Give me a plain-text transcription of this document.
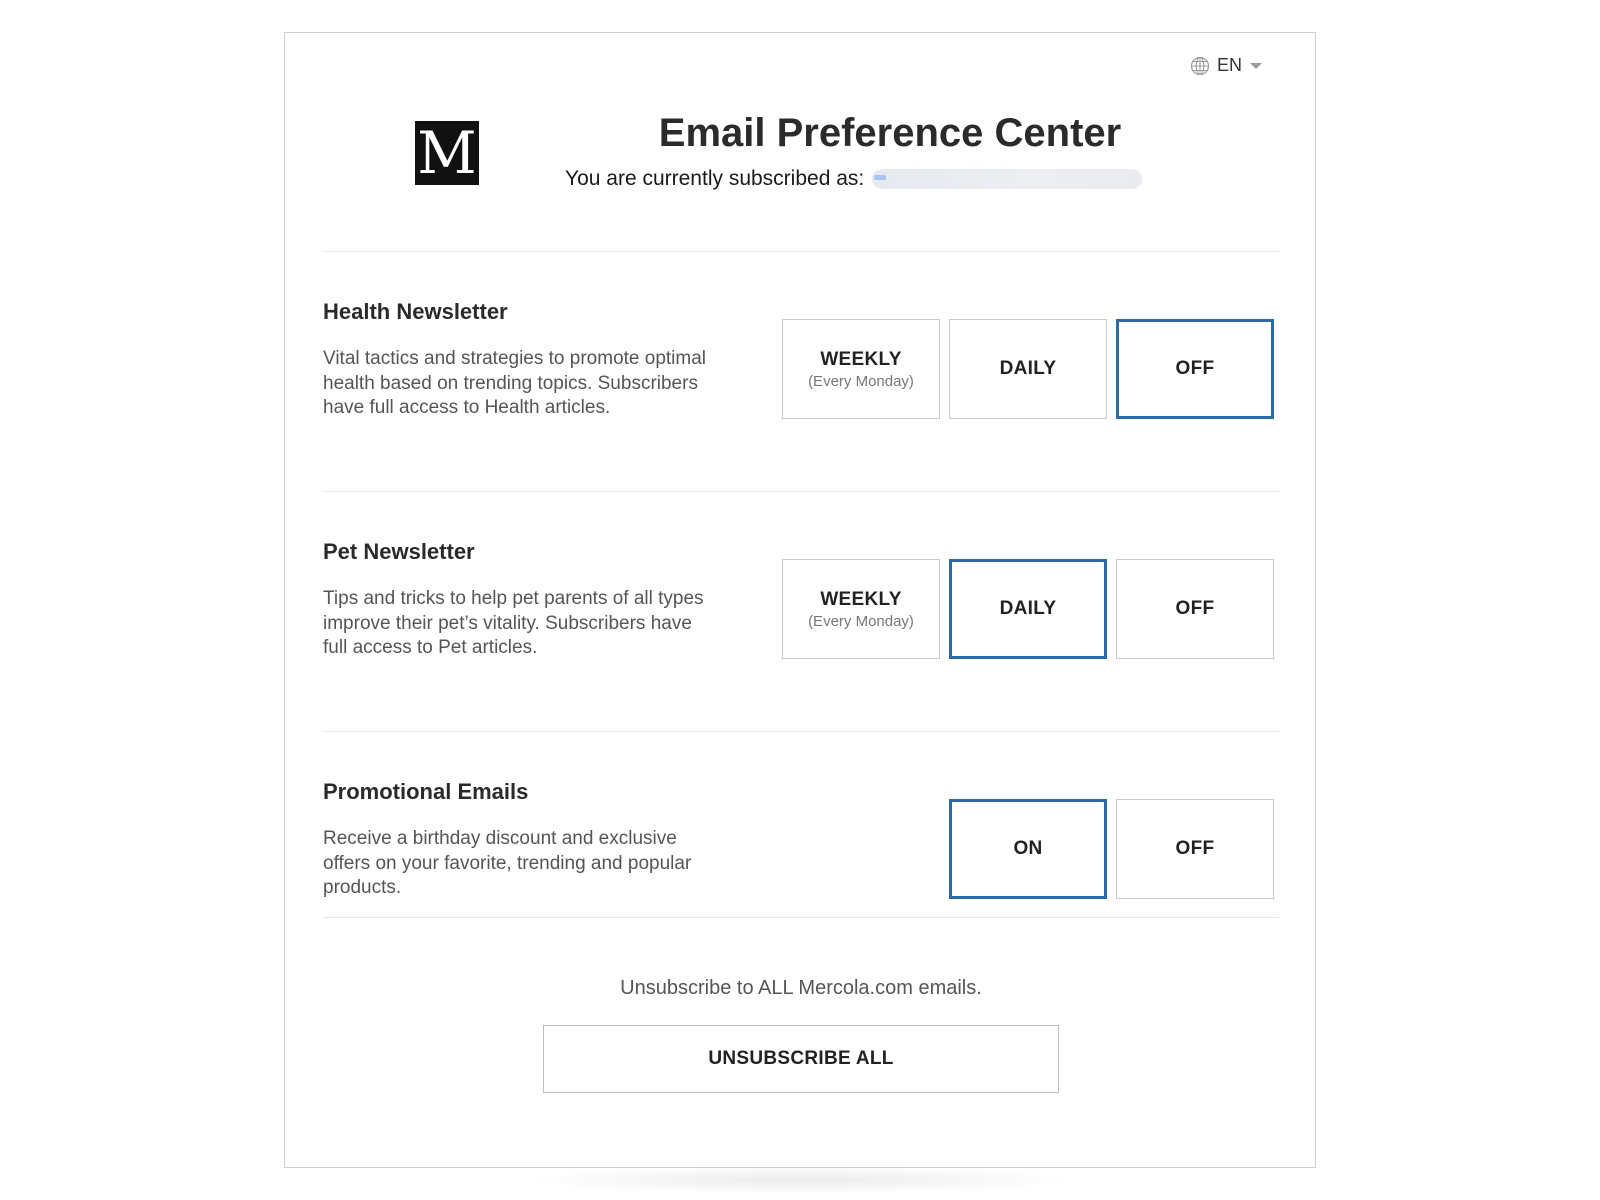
EN
M	Email Preference Center
You are currently subscribed as:
Health Newsletter

Vital tactics and strategies to promote optimal health based on trending topics. Subscribers have full access to Health articles.

WEEKLY
(Every Monday)
DAILY	OFF
Pet Newsletter

Tips and tricks to help pet parents of all types improve their pet’s vitality. Subscribers have full access to Pet articles.

WEEKLY
(Every Monday)
DAILY	OFF
Promotional Emails

Receive a birthday discount and exclusive offers on your favorite, trending and popular products.

ON	OFF

Unsubscribe to ALL Mercola.com emails.

UNSUBSCRIBE ALL
